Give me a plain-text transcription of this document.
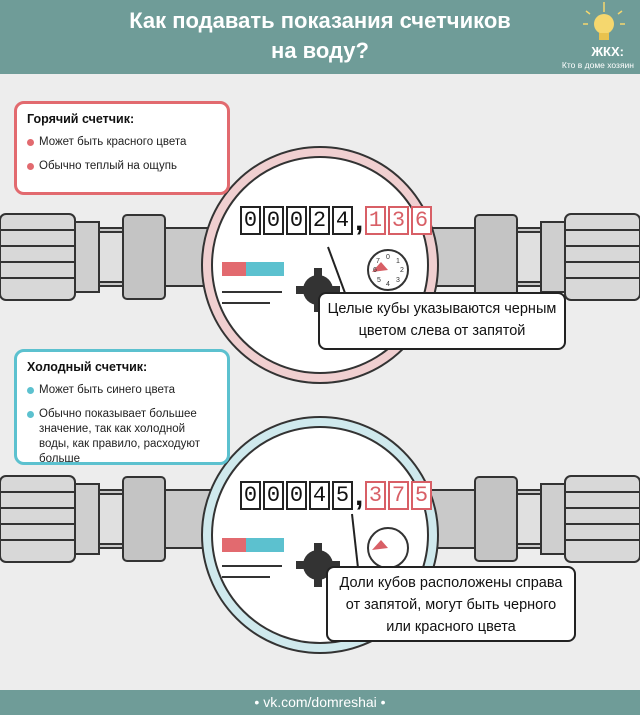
Как подавать показания счетчиков
на воду?	ЖКХ:
Кто в доме хозяин
0
1
2
3
4
5
6
7
0 0 0 2 4 , 1 3 6
0 0 0 4 5 , 3 7 5
Горячий счетчик:
Может быть красного цвета
Обычно теплый на ощупь
Холодный счетчик:
Может быть синего цвета
Обычно показывает большее значение, так как холодной воды, как правило, расходуют больше
Целые кубы указываются черным
цветом слева от запятой
Доли кубов расположены справа
от запятой, могут быть черного
или красного цвета
• vk.com/domreshai •
